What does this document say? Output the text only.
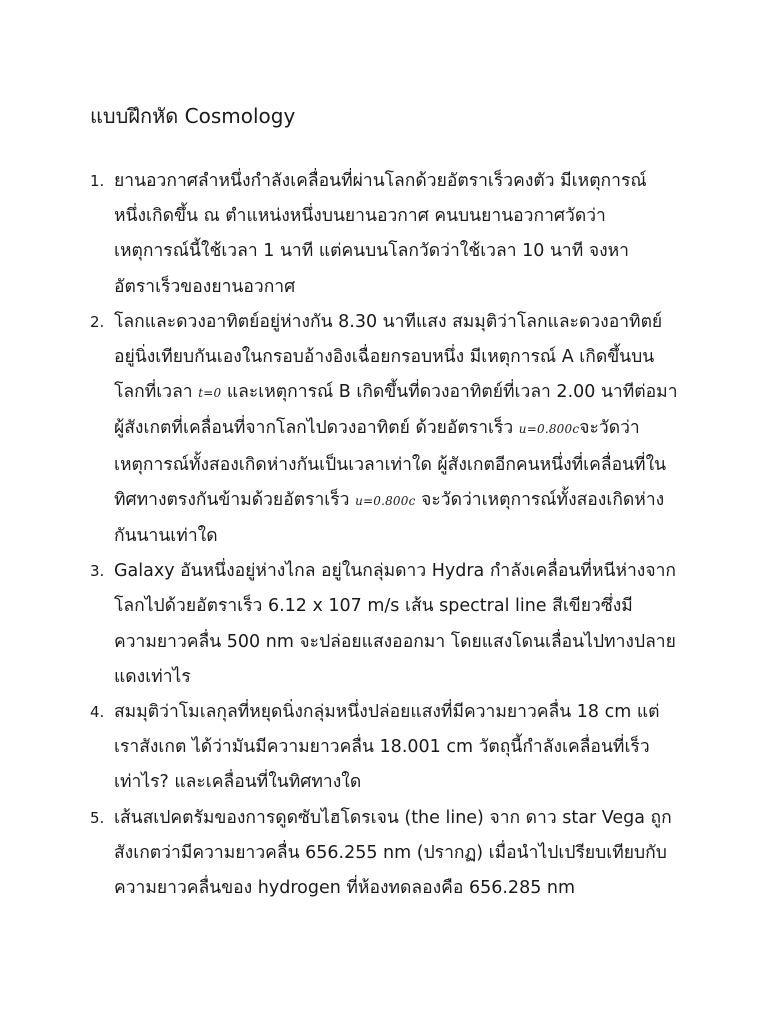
แบบฝึกหัด Cosmology
1. ยานอวกาศลำหนึ่งกำลังเคลื่อนที่ผ่านโลกด้วยอัตราเร็วคงตัว มีเหตุการณ์หนึ่งเกิดขึ้น ณ ตำแหน่งหนึ่งบนยานอวกาศ คนบนยานอวกาศวัดว่าเหตุการณ์นี้ใช้เวลา 1 นาที แต่คนบนโลกวัดว่าใช้เวลา 10 นาที จงหาอัตราเร็วของยานอวกาศ
2. โลกและดวงอาทิตย์อยู่ห่างกัน 8.30 นาทีแสง สมมุติว่าโลกและดวงอาทิตย์อยู่นิ่งเทียบกันเองในกรอบอ้างอิงเฉื่อยกรอบหนึ่ง มีเหตุการณ์ A เกิดขึ้นบนโลกที่เวลา t=0 และเหตุการณ์ B เกิดขึ้นที่ดวงอาทิตย์ที่เวลา 2.00 นาทีต่อมา ผู้สังเกตที่เคลื่อนที่จากโลกไปดวงอาทิตย์ ด้วยอัตราเร็ว u=0.800cจะวัดว่าเหตุการณ์ทั้งสองเกิดห่างกันเป็นเวลาเท่าใด ผู้สังเกตอีกคนหนึ่งที่เคลื่อนที่ในทิศทางตรงกันข้ามด้วยอัตราเร็ว u=0.800c จะวัดว่าเหตุการณ์ทั้งสองเกิดห่างกันนานเท่าใด
3. Galaxy อันหนึ่งอยู่ห่างไกล อยู่ในกลุ่มดาว Hydra กำลังเคลื่อนที่หนีห่างจาก โลกไปด้วยอัตราเร็ว 6.12 x 107 m/s เส้น spectral line สีเขียวซึ่งมีความยาวคลื่น 500 nm จะปล่อยแสงออกมา โดยแสงโดนเลื่อนไปทางปลายแดงเท่าไร
4. สมมุติว่าโมเลกุลที่หยุดนิ่งกลุ่มหนึ่งปล่อยแสงที่มีความยาวคลื่น 18 cm แต่เราสังเกต ได้ว่ามันมีความยาวคลื่น 18.001 cm วัตถุนี้กำลังเคลื่อนที่เร็วเท่าไร? และเคลื่อนที่ในทิศทางใด
5. เส้นสเปคตรัมของการดูดซับไฮโดรเจน (the line) จาก ดาว star Vega ถูกสังเกตว่ามีความยาวคลื่น 656.255 nm (ปรากฏ) เมื่อนำไปเปรียบเทียบกับ ความยาวคลื่นของ hydrogen ที่ห้องทดลองคือ 656.285 nm
